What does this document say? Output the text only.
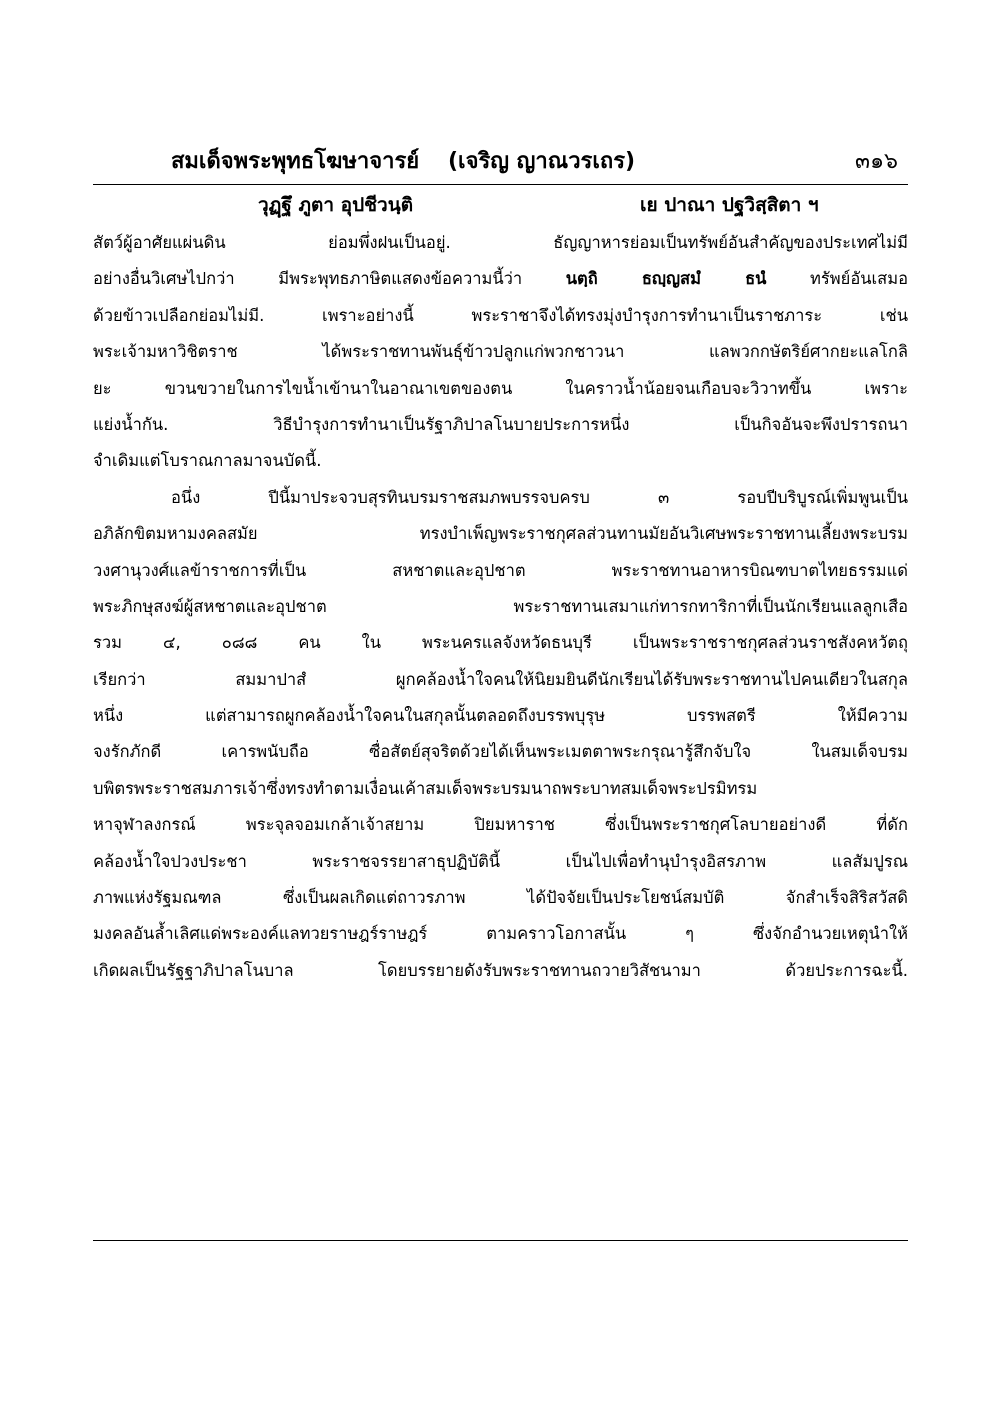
สมเด็จพระพุทธโฆษาจารย์ (เจริญ ญาณวรเถร)	๓๑๖
วุฏฺฐึ ภูตา อุปชีวนฺติ	เย ปาณา ปฐวิสฺสิตา ฯ
สัตว์ผู้อาศัยแผ่นดิน ย่อมพึ่งฝนเป็นอยู่. ธัญญาหารย่อมเป็นทรัพย์อันสำคัญของประเทศไม่มี
อย่างอื่นวิเศษไปกว่า มีพระพุทธภาษิตแสดงข้อความนี้ว่า	นตฺถิ ธญฺญสมํ ธนํ	ทรัพย์อันเสมอ
ด้วยข้าวเปลือกย่อมไม่มี. เพราะอย่างนี้ พระราชาจึงได้ทรงมุ่งบำรุงการทำนาเป็นราชภาระ เช่น
พระเจ้ามหาวิชิตราช ได้พระราชทานพันธุ์ข้าวปลูกแก่พวกชาวนา แลพวกกษัตริย์ศากยะแลโกลิ
ยะ ขวนขวายในการไขน้ำเข้านาในอาณาเขตของตน ในคราวน้ำน้อยจนเกือบจะวิวาทขึ้น เพราะ
แย่งน้ำกัน. วิธีบำรุงการทำนาเป็นรัฐาภิปาลโนบายประการหนึ่ง เป็นกิจอันจะพึงปรารถนา
จำเดิมแต่โบราณกาลมาจนบัดนี้.
อนึ่ง ปีนี้มาประจวบสุรทินบรมราชสมภพบรรจบครบ ๓ รอบปีบริบูรณ์เพิ่มพูนเป็น
อภิลักขิตมหามงคลสมัย ทรงบำเพ็ญพระราชกุศลส่วนทานมัยอันวิเศษพระราชทานเลี้ยงพระบรม
วงศานุวงศ์แลข้าราชการที่เป็น สหชาตและอุปชาต พระราชทานอาหารบิณฑบาตไทยธรรมแด่
พระภิกษุสงฆ์ผู้สหชาตและอุปชาต พระราชทานเสมาแก่ทารกทาริกาที่เป็นนักเรียนแลลูกเสือ
รวม ๔, ๐๘๘ คน ใน พระนครแลจังหวัดธนบุรี เป็นพระราชราชกุศลส่วนราชสังคหวัตถุ
เรียกว่า สมมาปาสํ ผูกคล้องน้ำใจคนให้นิยมยินดีนักเรียนได้รับพระราชทานไปคนเดียวในสกุล
หนึ่ง แต่สามารถผูกคล้องน้ำใจคนในสกุลนั้นตลอดถึงบรรพบุรุษ บรรพสตรี ให้มีความ
จงรักภักดี เคารพนับถือ ซื่อสัตย์สุจริตด้วยได้เห็นพระเมตตาพระกรุณารู้สึกจับใจ ในสมเด็จบรม
บพิตรพระราชสมภารเจ้าซึ่งทรงทำตามเงื่อนเค้าสมเด็จพระบรมนาถพระบาทสมเด็จพระปรมิทรม
หาจุฬาลงกรณ์ พระจุลจอมเกล้าเจ้าสยาม ปิยมหาราช ซึ่งเป็นพระราชกุศโลบายอย่างดี ที่ดัก
คล้องน้ำใจปวงประชา พระราชจรรยาสาธุปฏิบัตินี้ เป็นไปเพื่อทำนุบำรุงอิสรภาพ แลสัมปูรณ
ภาพแห่งรัฐมณฑล ซึ่งเป็นผลเกิดแต่ถาวรภาพ ได้ปัจจัยเป็นประโยชน์สมบัติ จักสำเร็จสิริสวัสดิ
มงคลอันล้ำเลิศแด่พระองค์แลทวยราษฎร์ราษฎร์ ตามคราวโอกาสนั้น ๆ ซึ่งจักอำนวยเหตุนำให้
เกิดผลเป็นรัฐฐาภิปาลโนบาล โดยบรรยายดังรับพระราชทานถวายวิสัชนามา ด้วยประการฉะนี้.
